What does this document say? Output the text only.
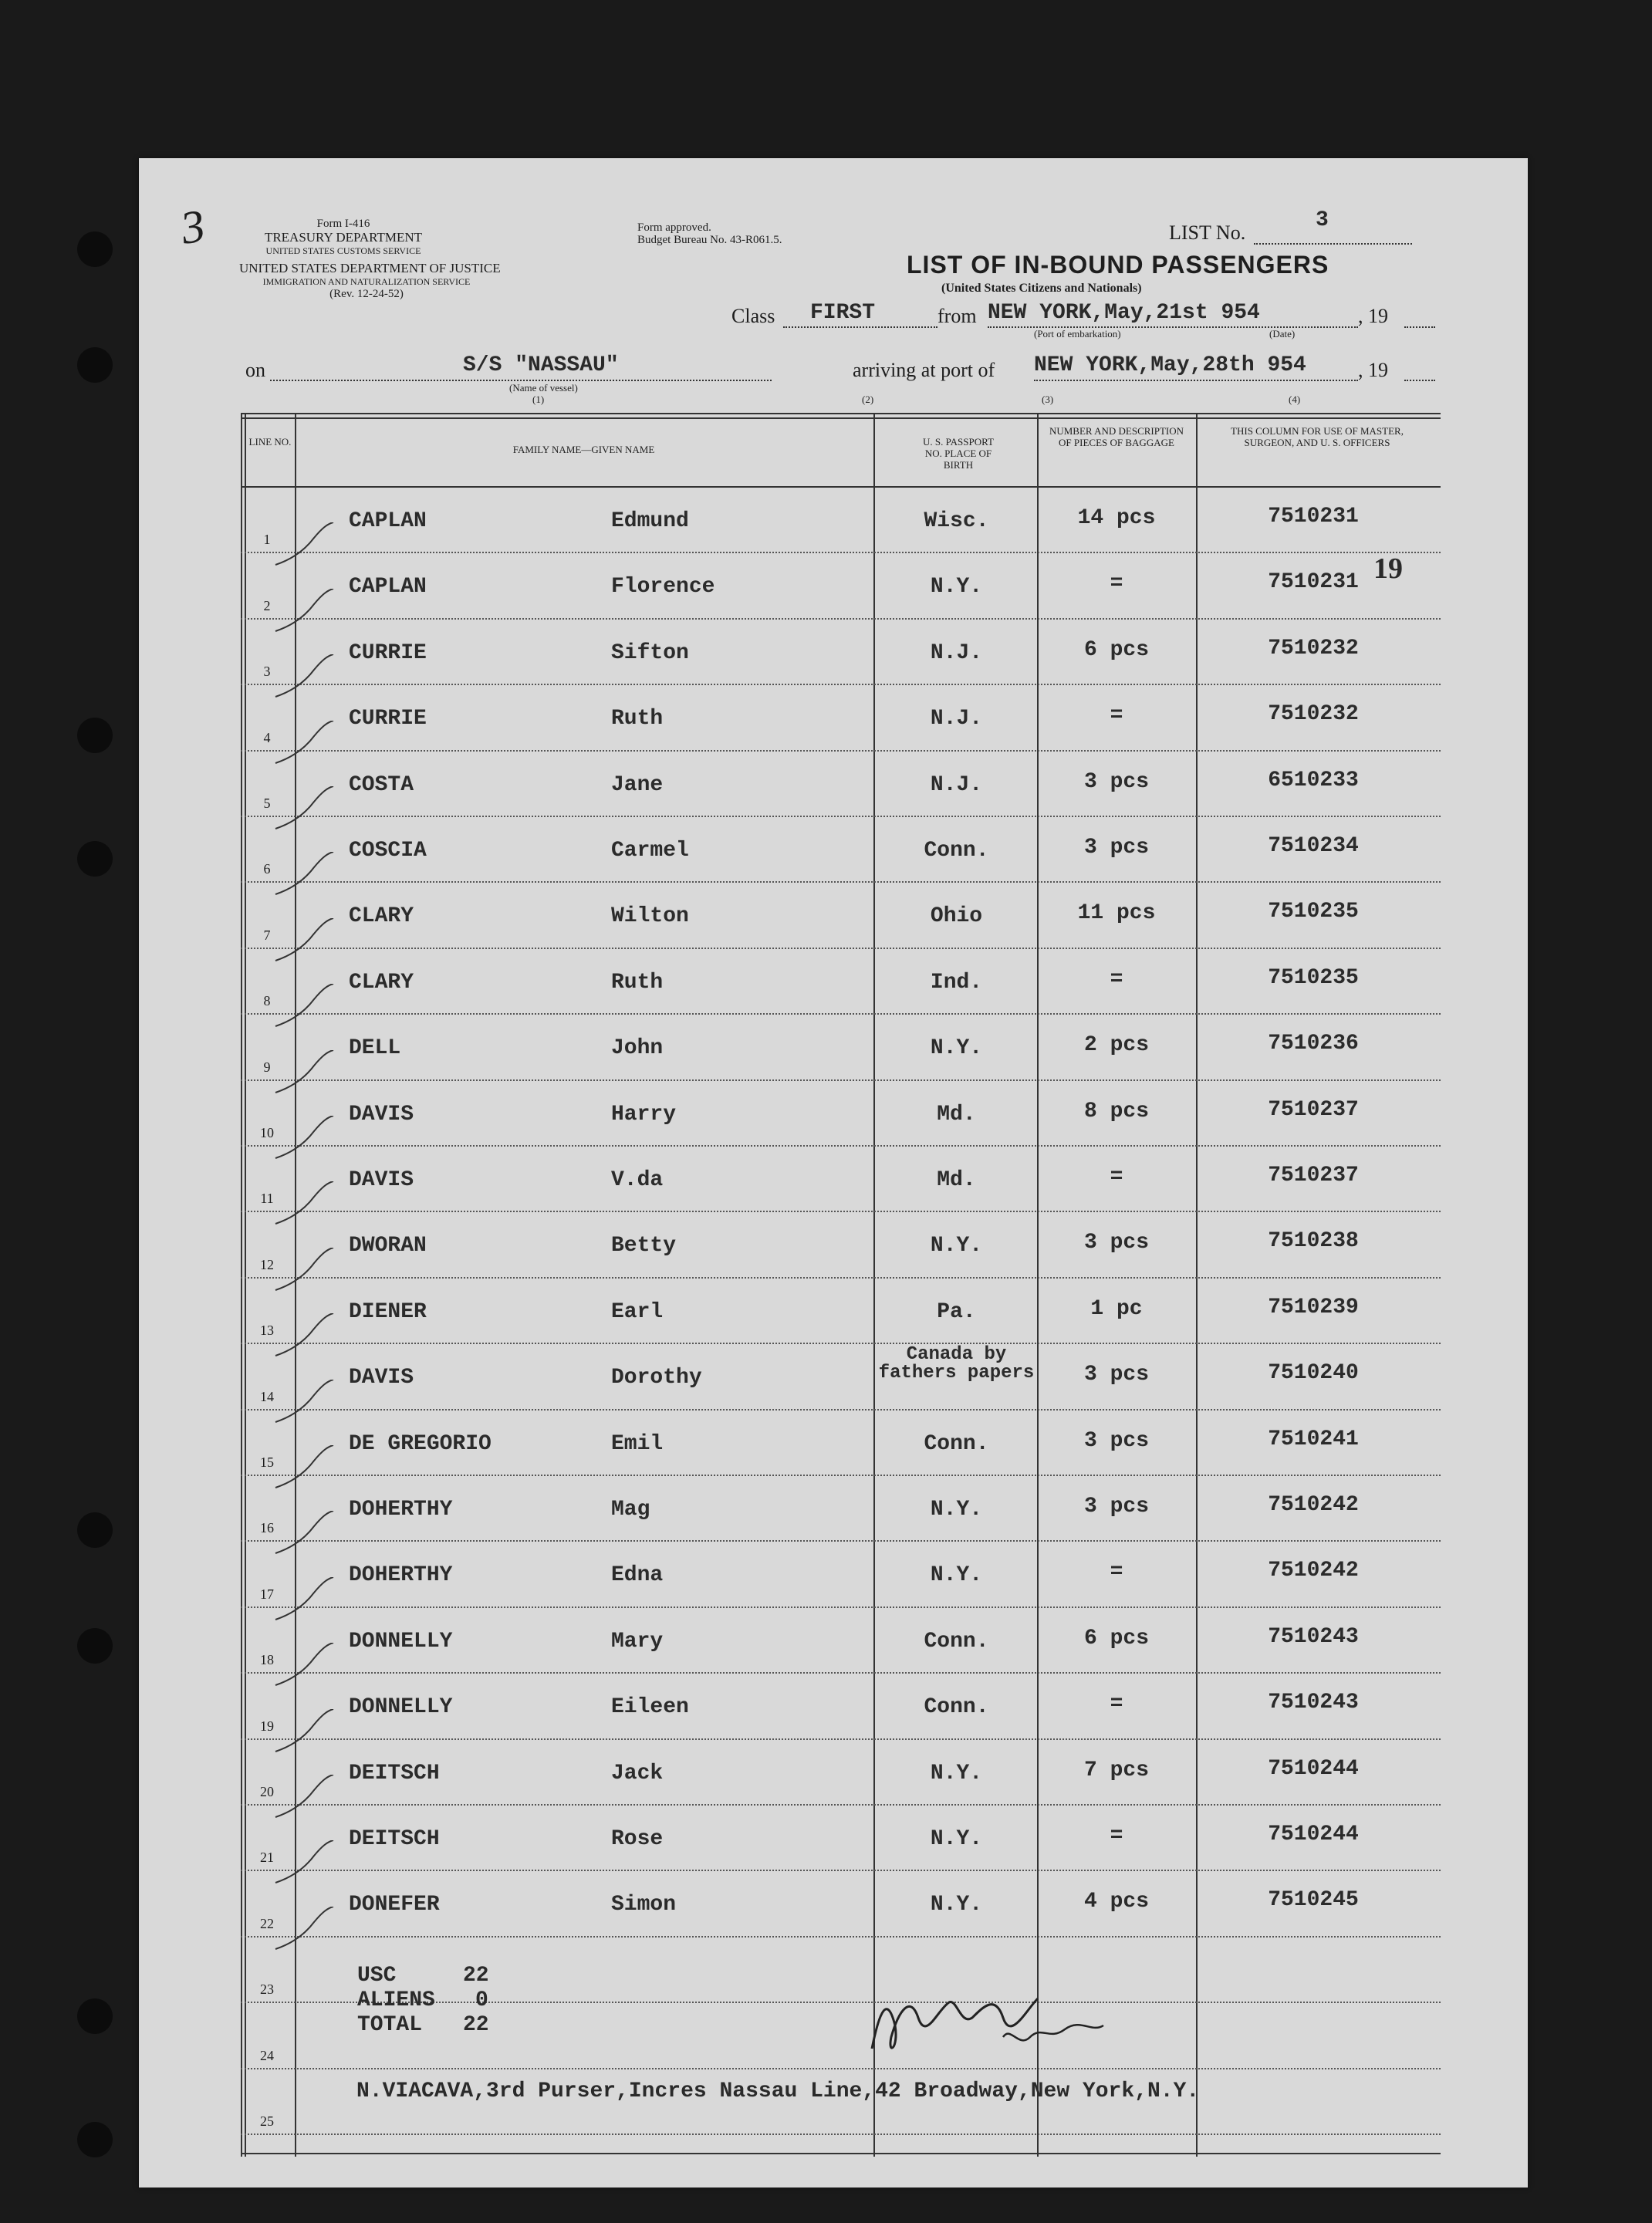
3	Form I-416
TREASURY DEPARTMENT
UNITED STATES CUSTOMS SERVICE
UNITED STATES DEPARTMENT OF JUSTICE
IMMIGRATION AND NATURALIZATION SERVICE
(Rev. 12-24-52)
Form approved.
Budget Bureau No. 43-R061.5.	LIST No.
3
LIST OF IN-BOUND PASSENGERS
(United States Citizens and Nationals)
Class FIRST	from NEW YORK,May,21st 954	, 19
(Port of embarkation)	(Date)
on	S/S "NASSAU"
(Name of vessel)
arriving at port of NEW YORK,May,28th 954	, 19
(1)	(2)	(3)	(4)
LINE NO.
FAMILY NAME—GIVEN NAME
U. S. PASSPORT NO. PLACE OF BIRTH
NUMBER AND DESCRIPTION OF PIECES OF BAGGAGE
THIS COLUMN FOR USE OF MASTER, SURGEON, AND U. S. OFFICERS
1
CAPLAN	Edmund	Wisc.	14 pcs	7510231
2
CAPLAN	Florence	N.Y.	=	7510231
3
CURRIE	Sifton	N.J.	6 pcs	7510232
4
CURRIE	Ruth	N.J.	=	7510232
5
COSTA	Jane	N.J.	3 pcs	6510233
6
COSCIA	Carmel	Conn.	3 pcs	7510234
7
CLARY	Wilton	Ohio	11 pcs	7510235
8
CLARY	Ruth	Ind.	=	7510235
9
DELL	John	N.Y.	2 pcs	7510236
10
DAVIS	Harry	Md.	8 pcs	7510237
11
DAVIS	V.da	Md.	=	7510237
12
DWORAN	Betty	N.Y.	3 pcs	7510238
13
DIENER	Earl	Pa.	1 pc	7510239
14
DAVIS	Dorothy
Canada by fathers papers	3 pcs	7510240
15
DE GREGORIO	Emil	Conn.	3 pcs	7510241
16
DOHERTHY	Mag	N.Y.	3 pcs	7510242
17
DOHERTHY	Edna	N.Y.	=	7510242
18
DONNELLY	Mary	Conn.	6 pcs	7510243
19
DONNELLY	Eileen	Conn.	=	7510243
20
DEITSCH	Jack	N.Y.	7 pcs	7510244
21
DEITSCH	Rose	N.Y.	=	7510244
22
DONEFER	Simon	N.Y.	4 pcs	7510245
23
24
25
USC	22
ALIENS 0
TOTAL 22
N.VIACAVA,3rd Purser,Incres Nassau Line,42 Broadway,New York,N.Y.
19
